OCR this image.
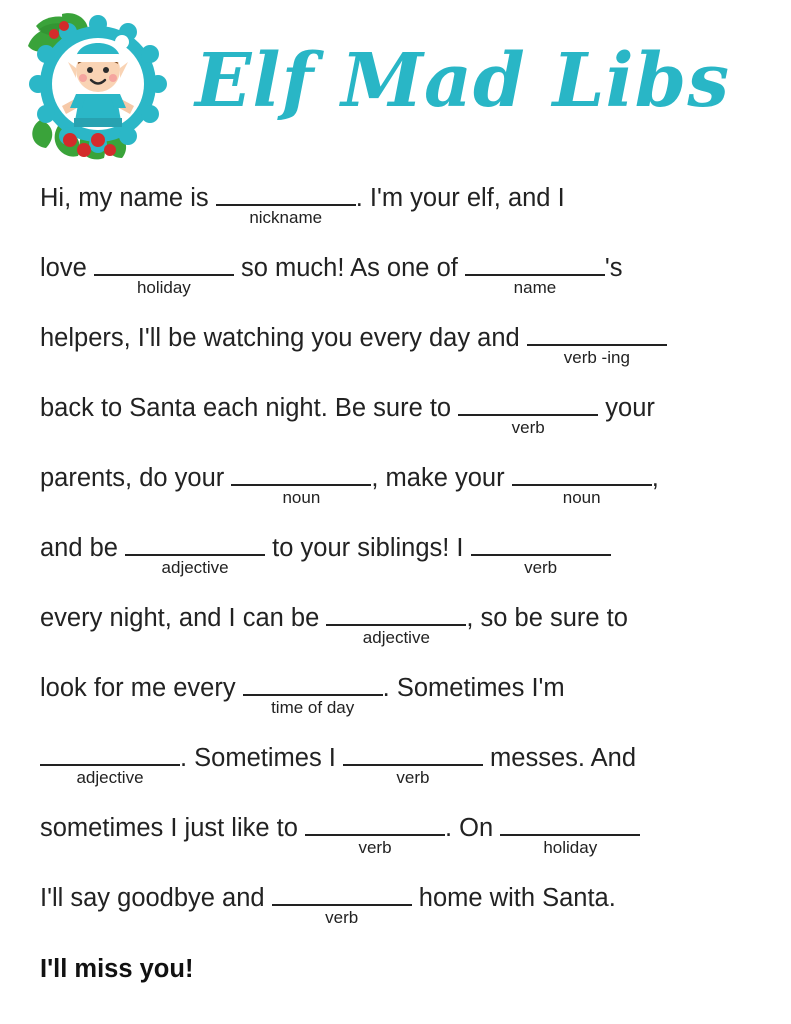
Elf Mad Libs
Hi, my name is
nickname
. I'm your elf, and I
love
holiday
so much! As one of
name
's
helpers, I'll be watching you every day and
verb -ing
back to Santa each night. Be sure to
verb
your
parents, do your
noun
, make your
noun
,
and be
adjective
to your siblings! I
verb
every night, and I can be
adjective
, so be sure to
look for me every
time of day
. Sometimes I'm
adjective
. Sometimes I
verb
messes. And
sometimes I just like to
verb
. On
holiday
I'll say goodbye and
verb
home with Santa.
I'll miss you!
